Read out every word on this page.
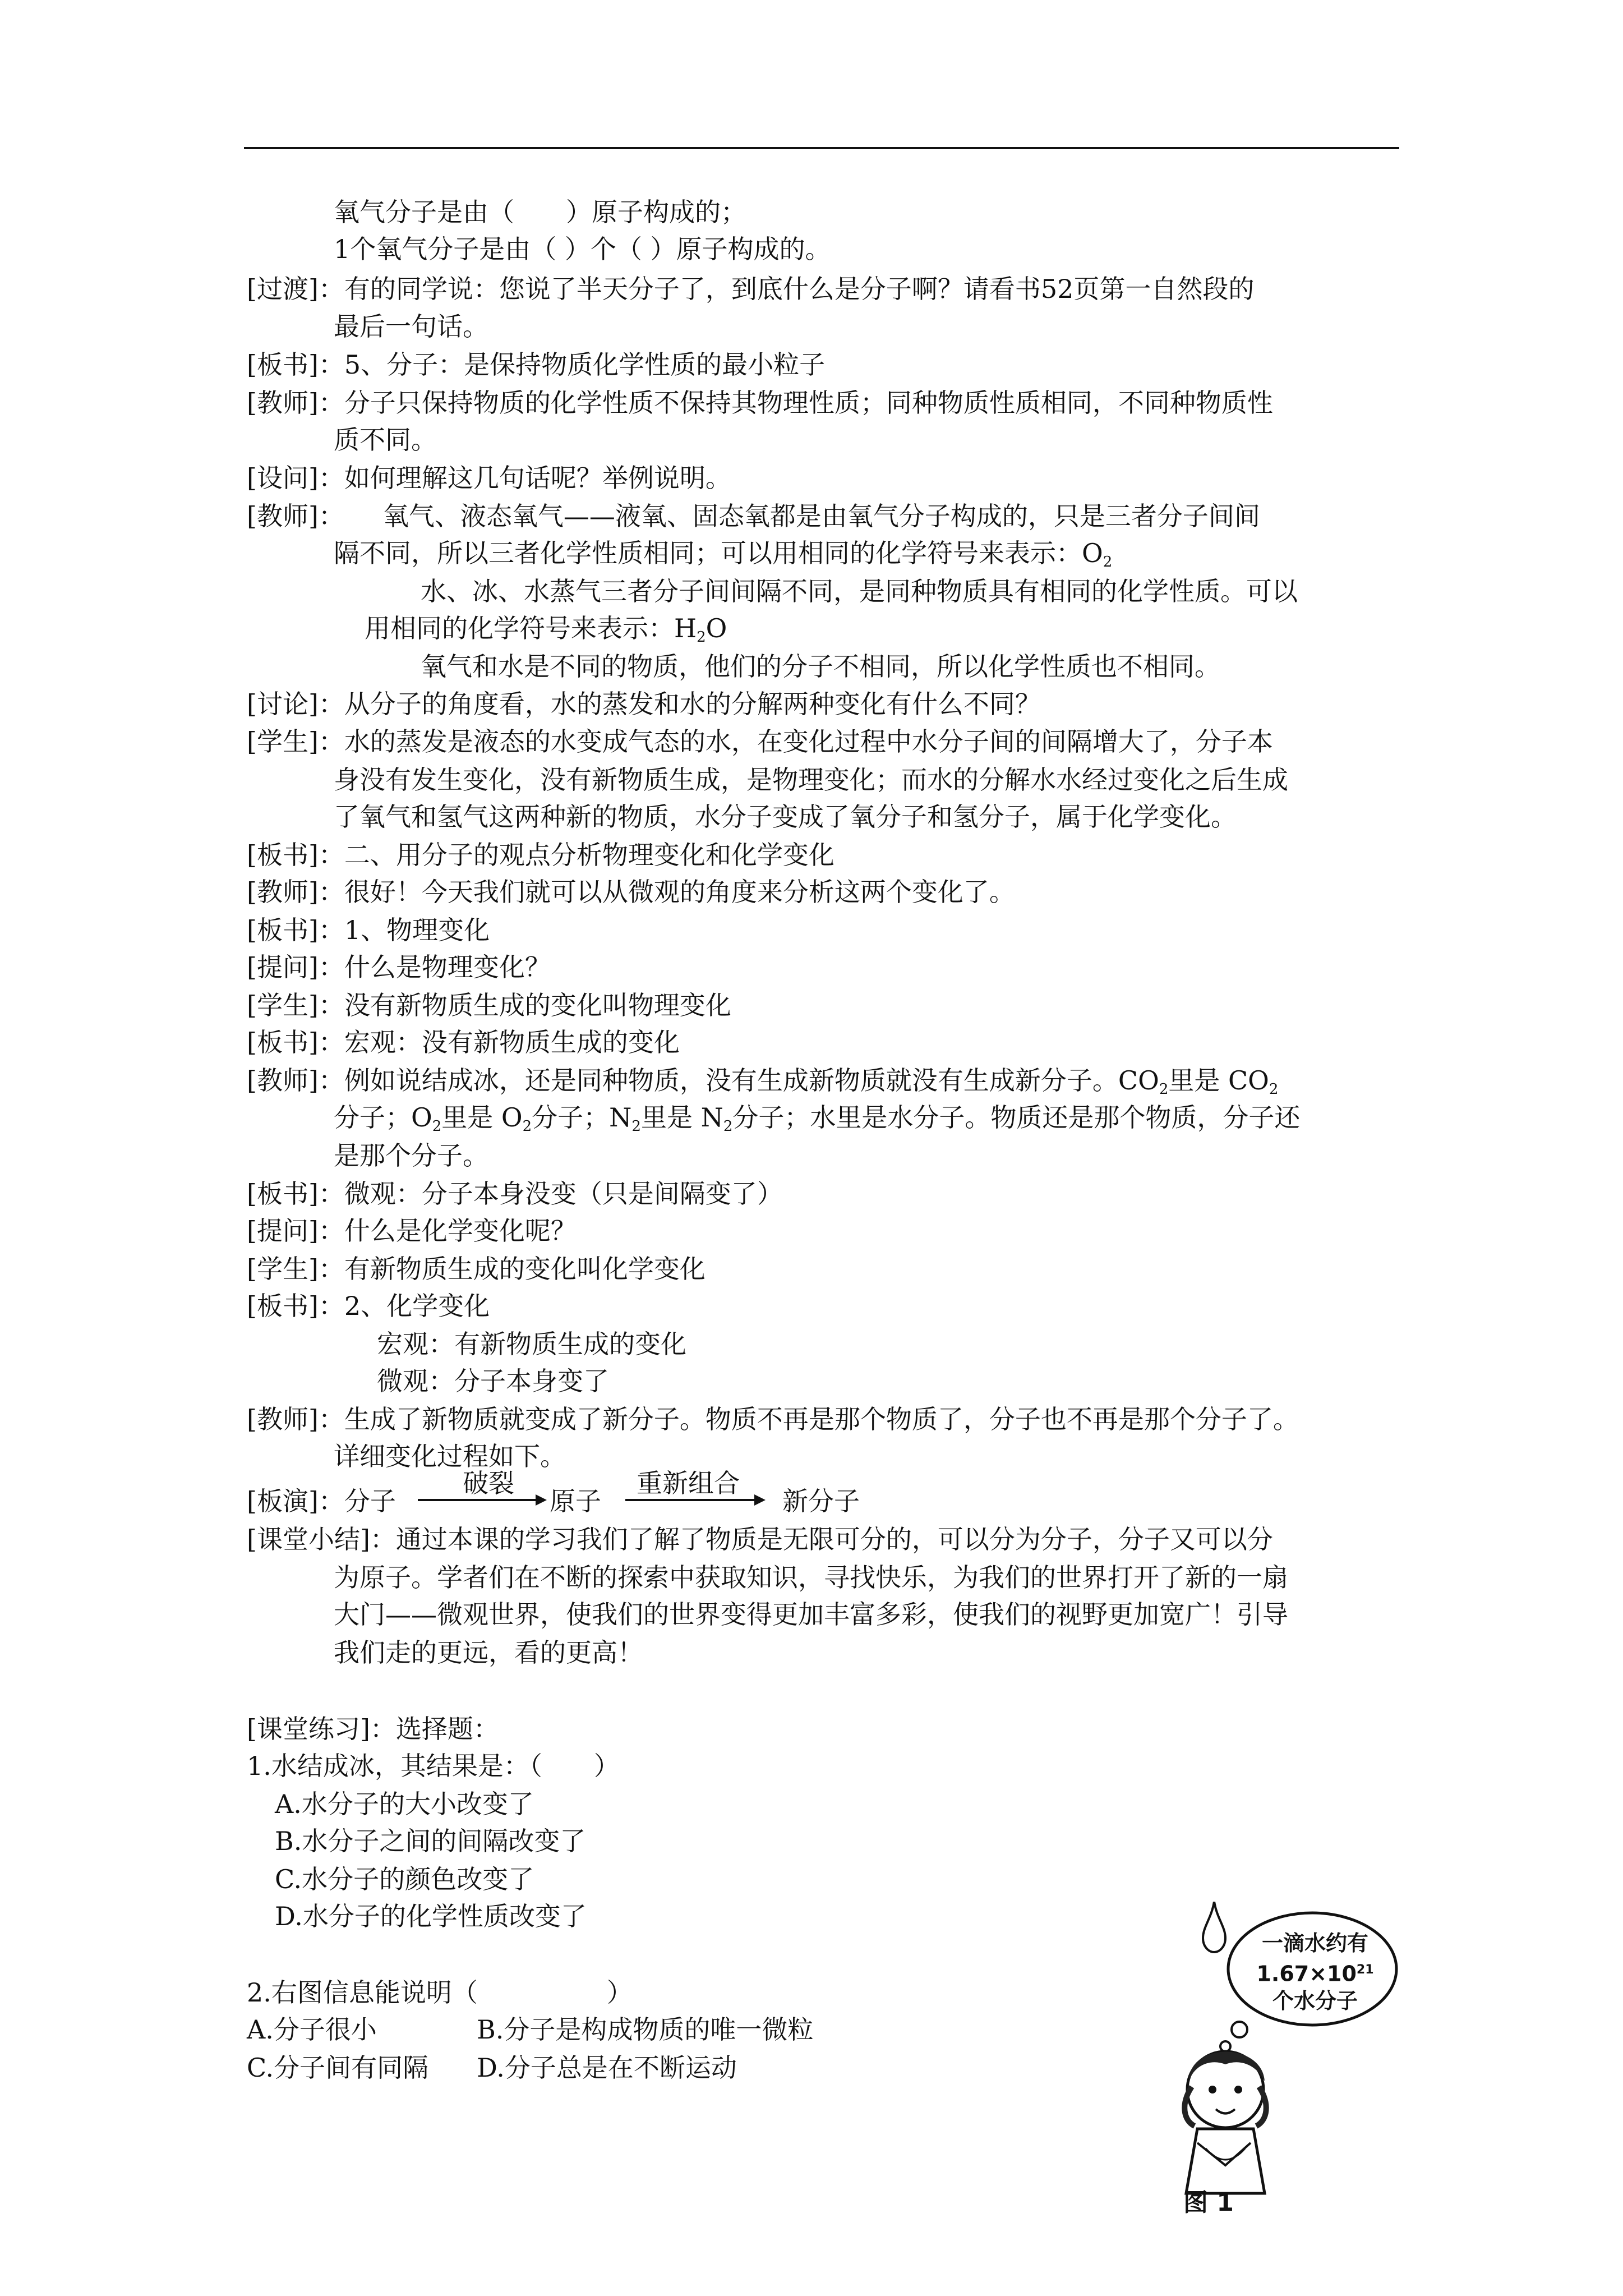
氧气分子是由（　　）原子构成的；
1个氧气分子是由（ ）个（ ）原子构成的。
[过渡]：有的同学说：您说了半天分子了，到底什么是分子啊？请看书52页第一自然段的
最后一句话。
[板书]：5、分子：是保持物质化学性质的最小粒子
[教师]：分子只保持物质的化学性质不保持其物理性质；同种物质性质相同，不同种物质性
质不同。
[设问]：如何理解这几句话呢？举例说明。
[教师]：　　氧气、液态氧气——液氧、固态氧都是由氧气分子构成的，只是三者分子间间
隔不同，所以三者化学性质相同；可以用相同的化学符号来表示：$O_2$
水、冰、水蒸气三者分子间间隔不同，是同种物质具有相同的化学性质。可以
用相同的化学符号来表示：$H_2O$
氧气和水是不同的物质，他们的分子不相同，所以化学性质也不相同。
[讨论]：从分子的角度看，水的蒸发和水的分解两种变化有什么不同？
[学生]：水的蒸发是液态的水变成气态的水，在变化过程中水分子间的间隔增大了，分子本
身没有发生变化，没有新物质生成，是物理变化；而水的分解水水经过变化之后生成
了氧气和氢气这两种新的物质，水分子变成了氧分子和氢分子，属于化学变化。
[板书]：二、用分子的观点分析物理变化和化学变化
[教师]：很好！今天我们就可以从微观的角度来分析这两个变化了。
[板书]：1、物理变化
[提问]：什么是物理变化？
[学生]：没有新物质生成的变化叫物理变化
[板书]：宏观：没有新物质生成的变化
[教师]：例如说结成冰，还是同种物质，没有生成新物质就没有生成新分子。$CO_2$里是 $CO_2$
分子；$O_2$里是 $O_2$分子；$N_2$里是 $N_2$分子；水里是水分子。物质还是那个物质，分子还
是那个分子。
[板书]：微观：分子本身没变（只是间隔变了）
[提问]：什么是化学变化呢？
[学生]：有新物质生成的变化叫化学变化
[板书]：2、化学变化
宏观：有新物质生成的变化
微观：分子本身变了
[教师]：生成了新物质就变成了新分子。物质不再是那个物质了，分子也不再是那个分子了。
详细变化过程如下。
[板演]：分子
破裂
原子
重新组合
新分子
[课堂小结]：通过本课的学习我们了解了物质是无限可分的，可以分为分子，分子又可以分
为原子。学者们在不断的探索中获取知识，寻找快乐，为我们的世界打开了新的一扇
大门——微观世界，使我们的世界变得更加丰富多彩，使我们的视野更加宽广！引导
我们走的更远，看的更高！
[课堂练习]：选择题：
1.水结成冰，其结果是：（　　）
A.水分子的大小改变了
B.水分子之间的间隔改变了
C.水分子的颜色改变了
D.水分子的化学性质改变了
2.右图信息能说明（　　　　　）
A.分子很小	B.分子是构成物质的唯一微粒
C.分子间有同隔 D.分子总是在不断运动
一滴水约有
$1.67\times 10^{21}$
个水分子
图 1
